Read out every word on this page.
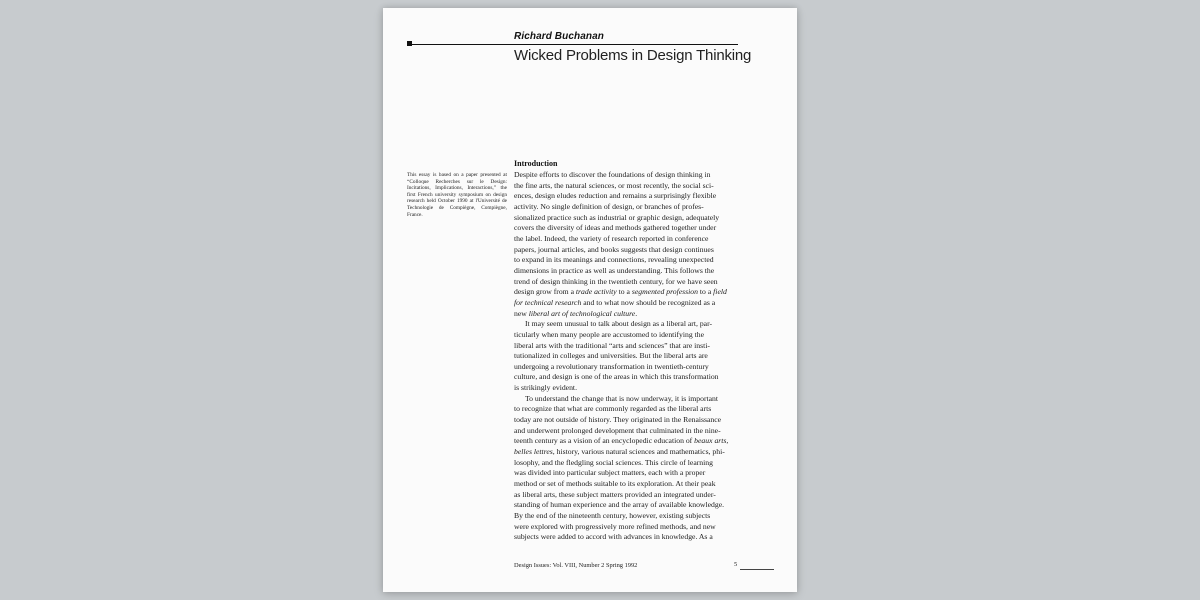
Richard Buchanan
Wicked Problems in Design Thinking
This essay is based on a paper presented at “Colloque Recherches sur le Design: Incitations, Implications, Interactions,” the first French university symposium on design research held October 1990 at l'Université de Technologie de Compiègne, Compiègne, France.
Introduction
Despite efforts to discover the foundations of design thinking in
the fine arts, the natural sciences, or most recently, the social sci-
ences, design eludes reduction and remains a surprisingly flexible
activity. No single definition of design, or branches of profes-
sionalized practice such as industrial or graphic design, adequately
covers the diversity of ideas and methods gathered together under
the label. Indeed, the variety of research reported in conference
papers, journal articles, and books suggests that design continues
to expand in its meanings and connections, revealing unexpected
dimensions in practice as well as understanding. This follows the
trend of design thinking in the twentieth century, for we have seen
design grow from a trade activity to a segmented profession to a field
for technical research and to what now should be recognized as a
new liberal art of technological culture.
It may seem unusual to talk about design as a liberal art, par-
ticularly when many people are accustomed to identifying the
liberal arts with the traditional “arts and sciences” that are insti-
tutionalized in colleges and universities. But the liberal arts are
undergoing a revolutionary transformation in twentieth-century
culture, and design is one of the areas in which this transformation
is strikingly evident.
To understand the change that is now underway, it is important
to recognize that what are commonly regarded as the liberal arts
today are not outside of history. They originated in the Renaissance
and underwent prolonged development that culminated in the nine-
teenth century as a vision of an encyclopedic education of beaux arts,
belles lettres, history, various natural sciences and mathematics, phi-
losophy, and the fledgling social sciences. This circle of learning
was divided into particular subject matters, each with a proper
method or set of methods suitable to its exploration. At their peak
as liberal arts, these subject matters provided an integrated under-
standing of human experience and the array of available knowledge.
By the end of the nineteenth century, however, existing subjects
were explored with progressively more refined methods, and new
subjects were added to accord with advances in knowledge. As a
Design Issues: Vol. VIII, Number 2 Spring 1992	5
